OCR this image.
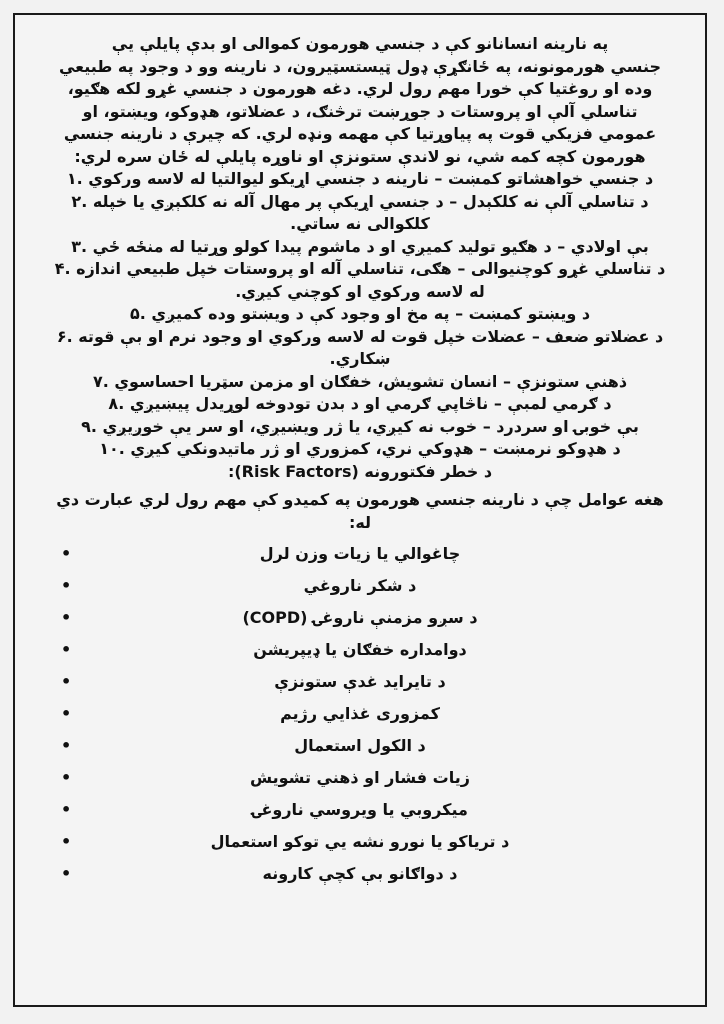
په نارینه انسانانو کې د جنسي هورمون کموالی او بدې پایلې یې
جنسي هورمونونه، په ځانګړې ډول ټیستسټیرون، د نارینه وو د وجود په طبیعي
وده او روغتیا کې خورا مهم رول لري. دغه هورمون د جنسي غړو لکه هګیو،
تناسلي آلې او پروستات د جوړښت ترڅنګ، د عضلاتو، هډوکو، ویښتو، او
عمومي فزیکي قوت په پیاوړتیا کې مهمه ونډه لري. که چیرې د نارینه جنسي
هورمون کچه کمه شي، نو لاندې ستونزې او ناوړه پایلې له ځان سره لري:
د جنسي خواهشاتو کمښت – نارینه د جنسي اړیکو لیوالتیا له لاسه ورکوي .١
د تناسلي آلې نه کلکېدل – د جنسي اړیکې پر مهال آله نه کلکېږي یا خپله .٢
کلکوالی نه ساتي.
بې اولادي – د هګیو تولید کمیږي او د ماشوم پیدا کولو وړتیا له منځه ځي .٣
د تناسلي غړو کوچنیوالی – هګی، تناسلي آله او پروستات خپل طبیعي اندازه .۴
له لاسه ورکوي او کوچني کیږي.
د ویښتو کمښت – په مخ او وجود کې د ویښتو وده کمیږي .۵
د عضلاتو ضعف – عضلات خپل قوت له لاسه ورکوي او وجود نرم او بې قوته .۶
ښکاري.
ذهني ستونزې – انسان تشویش، خفګان او مزمن سټریا احساسوي .٧
د ګرمي لمبې – ناڅاپي ګرمي او د بدن تودوخه لوړیدل پیښیږي .٨
بې خوبۍ او سردرد – خوب نه کیږي، یا ژر ویښیږي، او سر یې خوږیږي .٩
د هډوکو نرمښت – هډوکي نري، کمزوري او ژر ماتیدونکي کیږي .١٠
د خطر فکتورونه (Risk Factors):
هغه عوامل چې د نارینه جنسي هورمون په کمیدو کې مهم رول لري عبارت دي
له:
•	چاغوالي یا زیات وزن لرل
•	د شکر ناروغي
•	د سږو مزمنې ناروغۍ (COPD)
•	دوامداره خفګان یا ډیپریشن
•	د تایراید غدې ستونزې
•	کمزوری غذایي رژیم
•	د الکول استعمال
•	زیات فشار او ذهني تشویش
•	میکروبي یا ویروسي ناروغۍ
•	د تریاکو یا نورو نشه يي توکو استعمال
•	د دواګانو بې کچې کارونه
